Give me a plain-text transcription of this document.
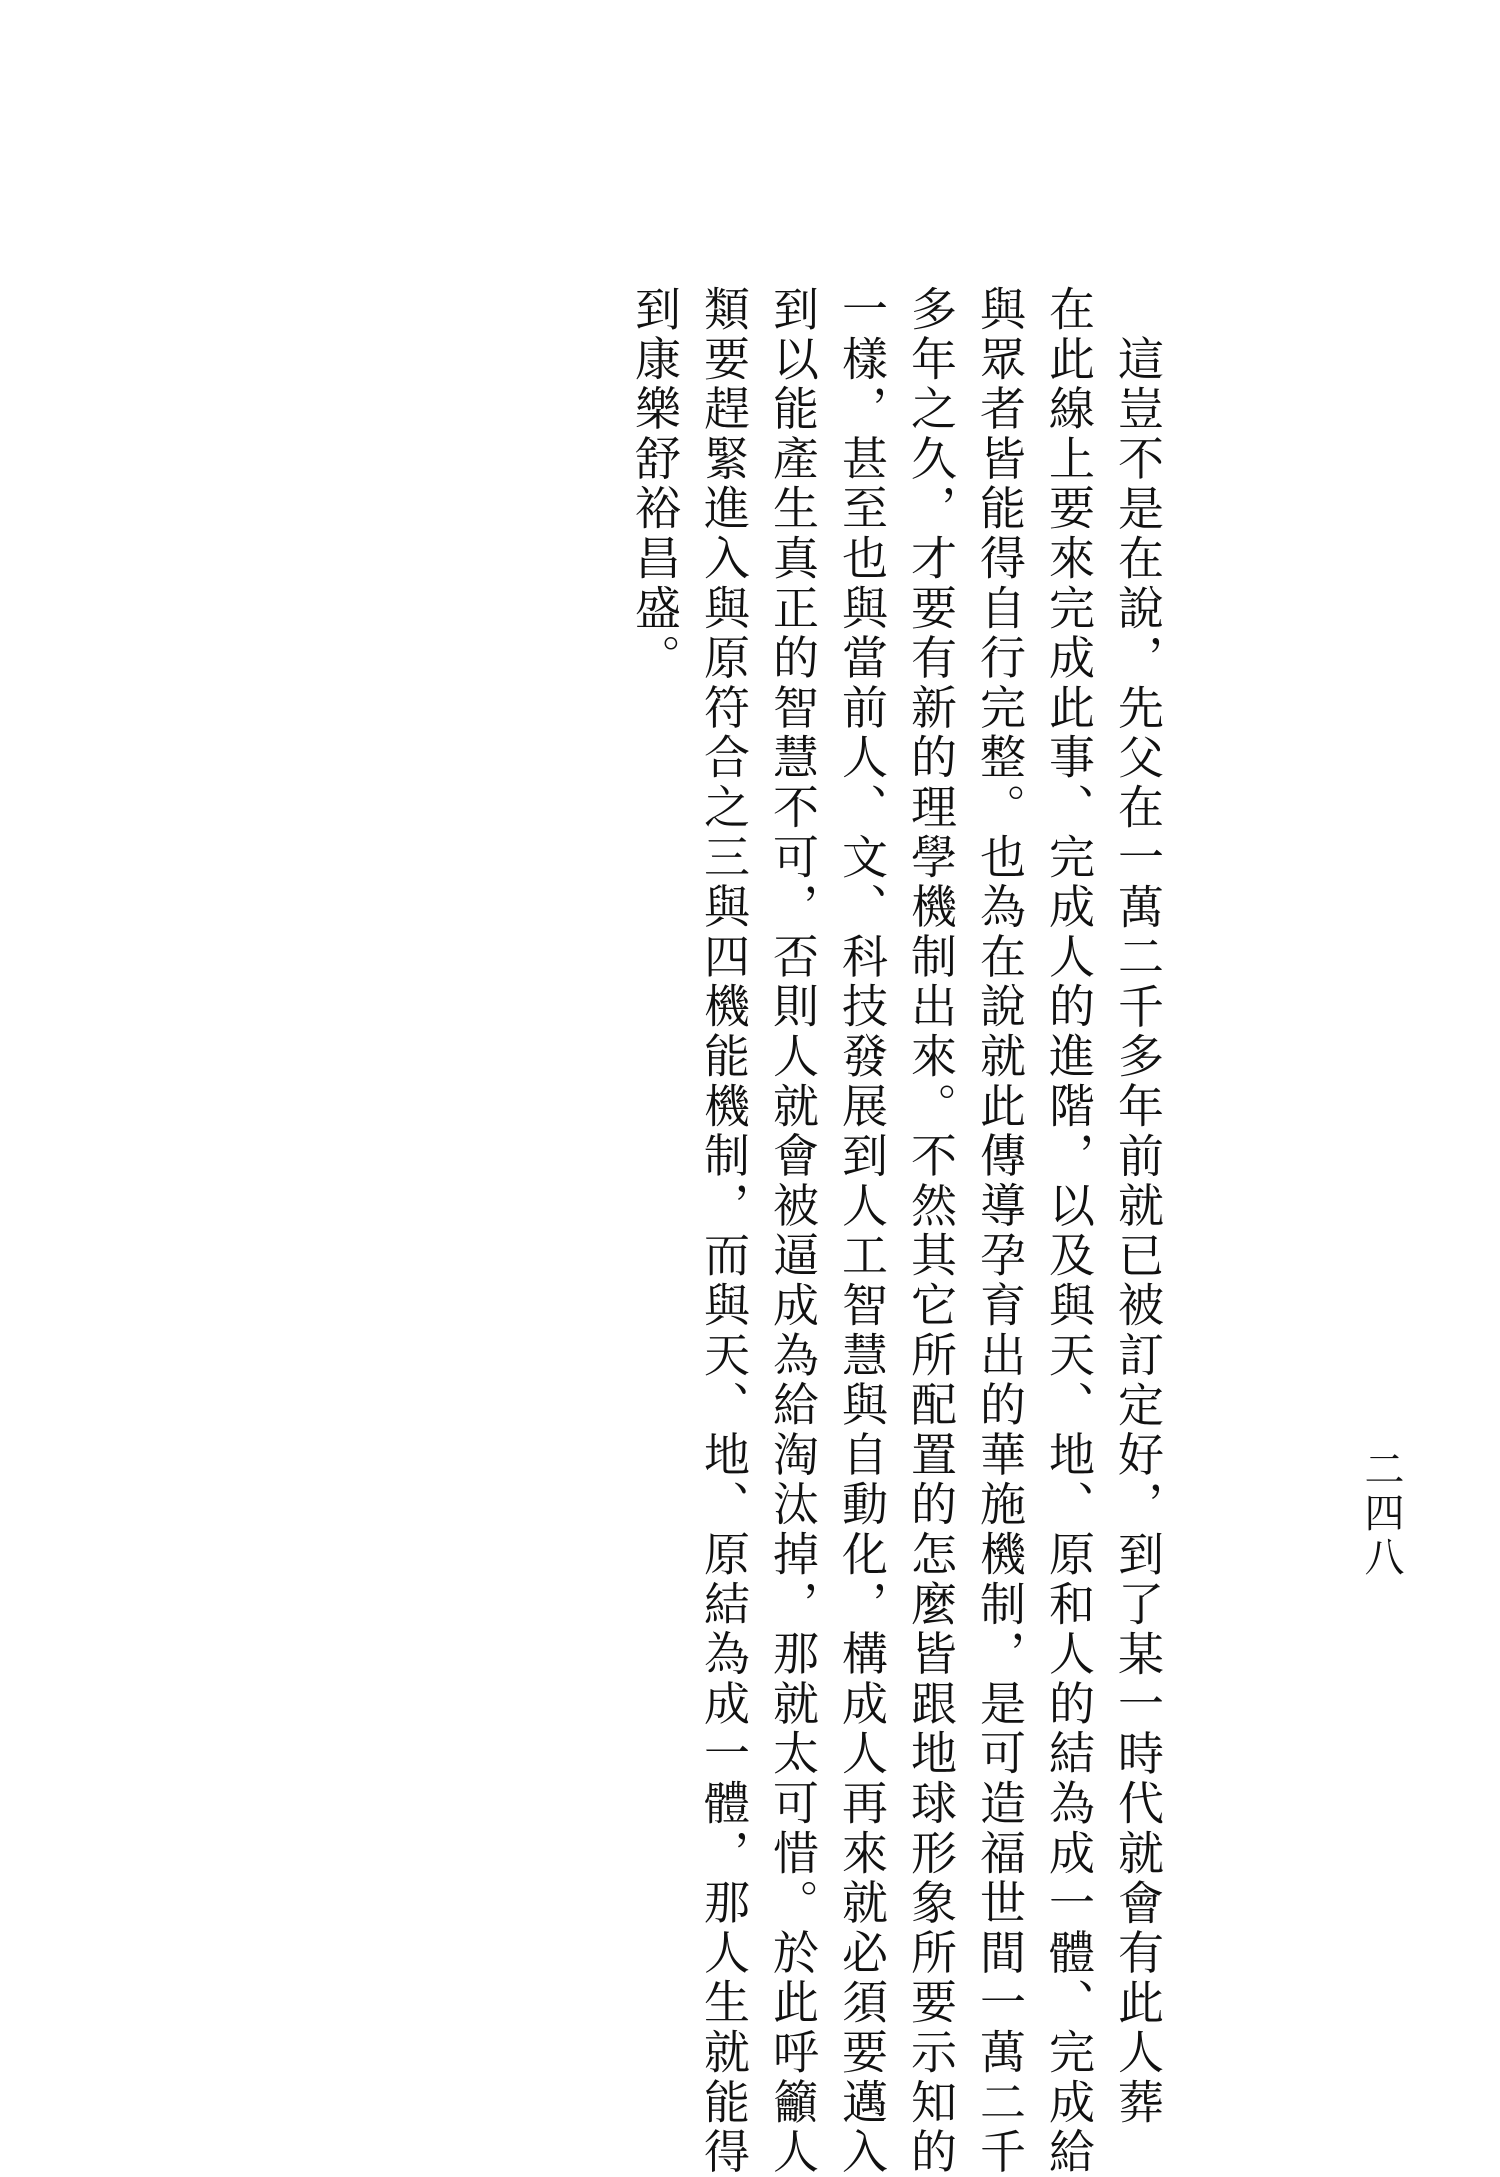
這豈不是在說，先父在一萬二千多年前就已被訂定好，到了某一時代就會有此人葬
在此線上要來完成此事、完成人的進階，以及與天、地、原和人的結為成一體、完成給
與眾者皆能得自行完整。也為在說就此傳導孕育出的華施機制，是可造福世間一萬二千
多年之久，才要有新的理學機制出來。不然其它所配置的怎麼皆跟地球形象所要示知的
一樣，甚至也與當前人、文、科技發展到人工智慧與自動化，構成人再來就必須要邁入
到以能產生真正的智慧不可，否則人就會被逼成為給淘汰掉，那就太可惜。於此呼籲人
類要趕緊進入與原符合之三與四機能機制，而與天、地、原結為成一體，那人生就能得
到康樂舒裕昌盛。
二四八
